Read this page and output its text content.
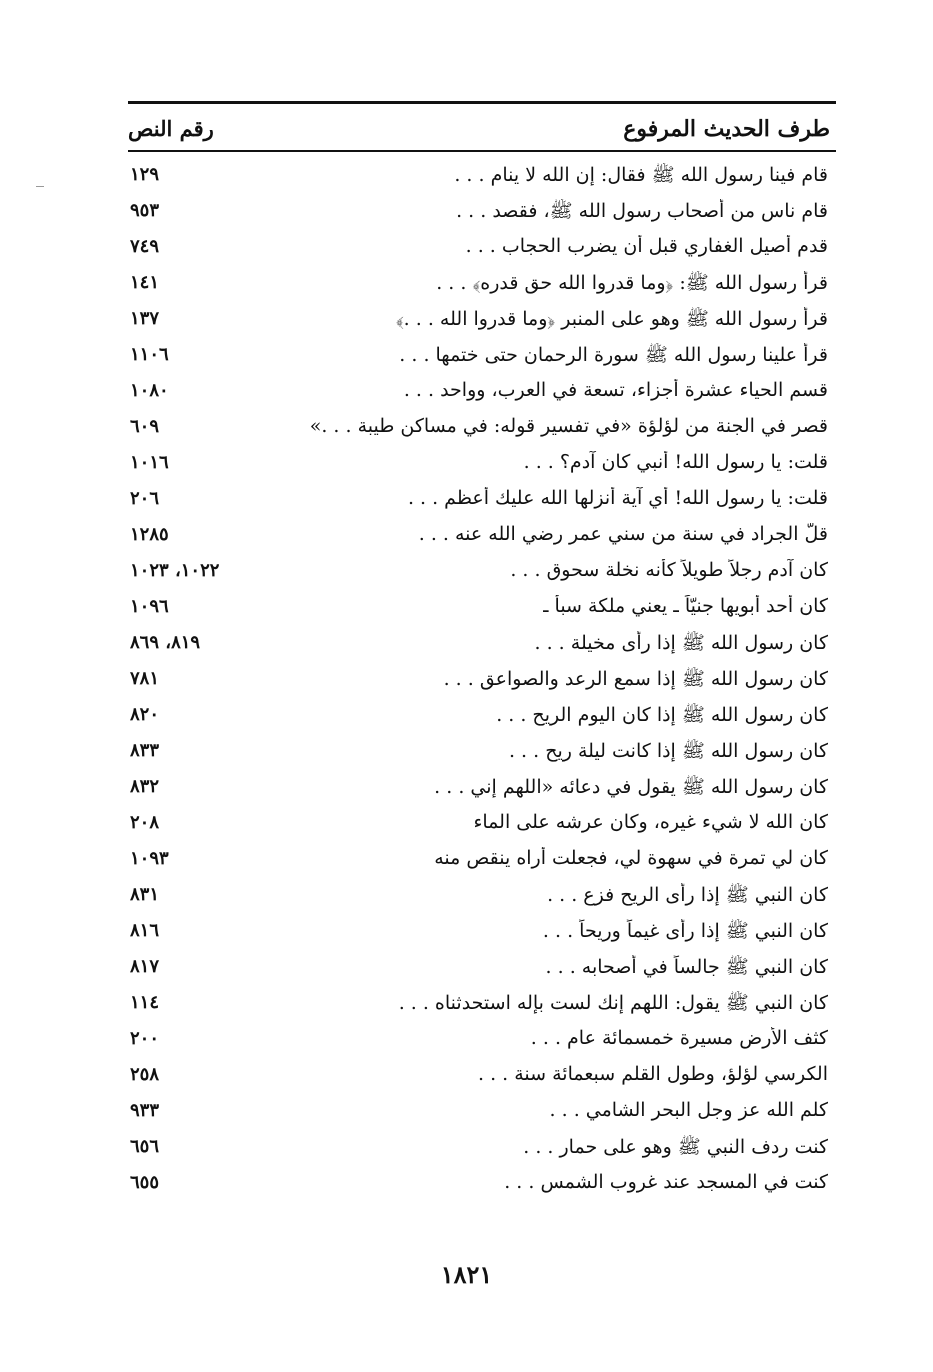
طرف الحديث المرفوع
رقم النص
قام فينا رسول الله ﷺ فقال: إن الله لا ينام . . .
١٢٩
قام ناس من أصحاب رسول الله ﷺ، فقصد . . .
٩٥٣
قدم أصيل الغفاري قبل أن يضرب الحجاب . . .
٧٤٩
قرأ رسول الله ﷺ: ﴿وما قدروا الله حق قدره﴾ . . .
١٤١
قرأ رسول الله ﷺ وهو على المنبر ﴿وما قدروا الله . . .﴾
١٣٧
قرأ علينا رسول الله ﷺ سورة الرحمان حتى ختمها . . .
١١٠٦
قسم الحياء عشرة أجزاء، تسعة في العرب، وواحد . . .
١٠٨٠
قصر في الجنة من لؤلؤة «في تفسير قوله: في مساكن طيبة . . .»
٦٠٩
قلت: يا رسول الله! أنبي كان آدم؟ . . .
١٠١٦
قلت: يا رسول الله! أي آية أنزلها الله عليك أعظم . . .
٢٠٦
قلّ الجراد في سنة من سني عمر رضي الله عنه . . .
١٢٨٥
كان آدم رجلاً طويلاً كأنه نخلة سحوق . . .
١٠٢٢، ١٠٢٣
كان أحد أبويها جنيّاً ـ يعني ملكة سبأ ـ
١٠٩٦
كان رسول الله ﷺ إذا رأى مخيلة . . .
٨١٩، ٨٦٩
كان رسول الله ﷺ إذا سمع الرعد والصواعق . . .
٧٨١
كان رسول الله ﷺ إذا كان اليوم الريح . . .
٨٢٠
كان رسول الله ﷺ إذا كانت ليلة ريح . . .
٨٣٣
كان رسول الله ﷺ يقول في دعائه «اللهم إني . . .
٨٣٢
كان الله لا شيء غيره، وكان عرشه على الماء
٢٠٨
كان لي تمرة في سهوة لي، فجعلت أراه ينقص منه
١٠٩٣
كان النبي ﷺ إذا رأى الريح فزع . . .
٨٣١
كان النبي ﷺ إذا رأى غيماً وريحاً . . .
٨١٦
كان النبي ﷺ جالساً في أصحابه . . .
٨١٧
كان النبي ﷺ يقول: اللهم إنك لست بإله استحدثناه . . .
١١٤
كثف الأرض مسيرة خمسمائة عام . . .
٢٠٠
الكرسي لؤلؤ، وطول القلم سبعمائة سنة . . .
٢٥٨
كلم الله عز وجل البحر الشامي . . .
٩٣٣
كنت ردف النبي ﷺ وهو على حمار . . .
٦٥٦
كنت في المسجد عند غروب الشمس . . .
٦٥٥
١٨٢١
